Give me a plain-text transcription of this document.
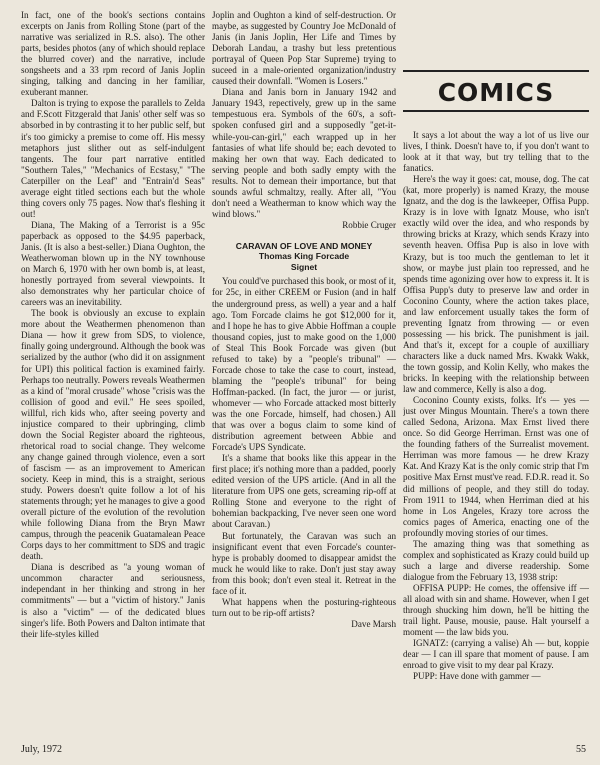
In fact, one of the book's sections contains excerpts on Janis from Rolling Stone (part of the narrative was serialized in R.S. also). The other parts, besides photos (any of which should replace the blurred cover) and the narrative, include songsheets and a 33 rpm record of Janis Joplin singing, talking and dancing in her familiar, exuberant manner.

Dalton is trying to expose the parallels to Zelda and F.Scott Fitzgerald that Janis' other self was so absorbed in by contrasting it to her public self, but it's too gimicky a premise to come off. His messy metaphors just slither out as self-indulgent tangents. The four part narrative entitled "Southern Tales," "Mechanics of Ecstasy," "The Caterpiller on the Leaf" and "Entrain'd Seas" average eight titled sections each but the whole thing covers only 75 pages. Now that's fleshing it out!

Diana, The Making of a Terrorist is a 95c paperback as opposed to the $4.95 paperback, Janis. (It is also a best-seller.) Diana Oughton, the Weatherwoman blown up in the NY townhouse on March 6, 1970 with her own bomb is, at least, honestly portrayed from several viewpoints. It also demonstrates why her particular choice of careers was an inevitability.

The book is obviously an excuse to explain more about the Weathermen phenomenon than Diana — how it grew from SDS, to violence, finally going underground. Although the book was serialized by the author (who did it on assignment for UPI) this political faction is examined fairly. Perhaps too neutrally. Powers reveals Weathermen as a kind of "moral crusade" whose "crisis was the collision of good and evil." He sees spoiled, willful, rich kids who, after seeing poverty and injustice compared to their upbringing, climb down the Social Register aboard the righteous, rhetorical road to social change. They welcome any change gained through violence, even a sort of fascism — as an improvement to American society. Keep in mind, this is a straight, serious study. Powers doesn't quite follow a lot of his statements through; yet he manages to give a good overall picture of the evolution of the revolution while following Diana from the Bryn Mawr campus, through the peacenik Guatamalean Peace Corps days to her committment to SDS and tragic death.

Diana is described as "a young woman of uncommon character and seriousness, independant in her thinking and strong in her commitments" — but a "victim of history." Janis is also a "victim" — of the dedicated blues singer's life. Both Powers and Dalton intimate that their life-styles killed

Joplin and Oughton a kind of self-destruction. Or maybe, as suggested by Country Joe McDonald of Janis (in Janis Joplin, Her Life and Times by Deborah Landau, a trashy but less pretentious portrayal of Queen Pop Star Supreme) trying to suceed in a male-oriented organization/industry caused their downfall. "Women is Losers."

Diana and Janis born in January 1942 and January 1943, repectively, grew up in the same tempestuous era. Symbols of the 60's, a soft-spoken confused girl and a supposedly "get-it-while-you-can-girl," each wrapped up in her fantasies of what life should be; each devoted to making her own that way. Each dedicated to serving people and both sadly empty with the results. Not to demean their importance, but that sounds awful schmaltzy, really. After all, "You don't need a Weatherman to know which way the wind blows."

Robbie Cruger

CARAVAN OF LOVE AND MONEY
Thomas King Forcade
Signet

You could've purchased this book, or most of it, for 25c, in either CREEM or Fusion (and in half the underground press, as well) a year and a half ago. Tom Forcade claims he got $12,000 for it, and I hope he has to give Abbie Hoffman a couple thousand copies, just to make good on the 1,000 of Steal This Book Forcade was given (but refused to take) by a "people's tribunal" — Forcade chose to take the case to court, instead, blaming the "people's tribunal" for being Hoffman-packed. (In fact, the juror — or jurist, whomever — who Forcade attacked most bitterly was the one Forcade, himself, had chosen.) All that was over a bogus claim to some kind of distribution agreement between Abbie and Forcade's UPS Syndicate.

It's a shame that books like this appear in the first place; it's nothing more than a padded, poorly edited version of the UPS article. (And in all the literature from UPS one gets, screaming rip-off at Rolling Stone and everyone to the right of bohemian backpacking, I've never seen one word about Caravan.)

But fortunately, the Caravan was such an insignificant event that even Forcade's counter-hype is probably doomed to disappear amidst the muck he would like to rake. Don't just stay away from this book; don't even steal it. Retreat in the face of it.

What happens when the posturing-righteous turn out to be rip-off artists?

Dave Marsh

COMICS

It says a lot about the way a lot of us live our lives, I think. Doesn't have to, if you don't want to look at it that way, but try telling that to the fanatics.

Here's the way it goes: cat, mouse, dog. The cat (kat, more properly) is named Krazy, the mouse Ignatz, and the dog is the lawkeeper, Offisa Pupp. Krazy is in love with Ignatz Mouse, who isn't exactly wild over the idea, and who responds by throwing bricks at Krazy, which sends Krazy into seventh heaven. Offisa Pup is also in love with Krazy, but is too much the gentleman to let it show, or maybe just plain too repressed, and he spends time agonizing over how to express it. It is Offisa Pupp's duty to preserve law and order in Coconino County, where the action takes place, and law enforcement usually takes the form of preventing Ignatz from throwing — or even possessing — his brick. The punishment is jail. And that's it, except for a couple of auxilliary characters like a duck named Mrs. Kwakk Wakk, the town gossip, and Kolin Kelly, who makes the bricks. In keeping with the relationship between law and commerce, Kelly is also a dog.

Coconino County exists, folks. It's — yes — just over Mingus Mountain. There's a town there called Sedona, Arizona. Max Ernst lived there once. So did George Herriman. Ernst was one of the founding fathers of the Surrealist movement. Herriman was more famous — he drew Krazy Kat. And Krazy Kat is the only comic strip that I'm positive Max Ernst must've read. F.D.R. read it. So did millions of people, and they still do today. From 1911 to 1944, when Herriman died at his home in Los Angeles, Krazy tore across the comics pages of America, enacting one of the profoundly moving stories of our times.

The amazing thing was that something as complex and sophisticated as Krazy could build up such a large and diverse readership. Some dialogue from the February 13, 1938 strip:

OFFISA PUPP: He comes, the offensive iff — all aload with sin and shame. However, when I get through shucking him down, he'll be hitting the trail light. Pause, mousie, pause. Halt yourself a moment — the law bids you.

IGNATZ: (carrying a valise) Ah — but, koppie dear — I can ill spare that moment of pause. I am enroad to give visit to my dear pal Krazy.

PUPP: Have done with gammer —

July, 1972	55
